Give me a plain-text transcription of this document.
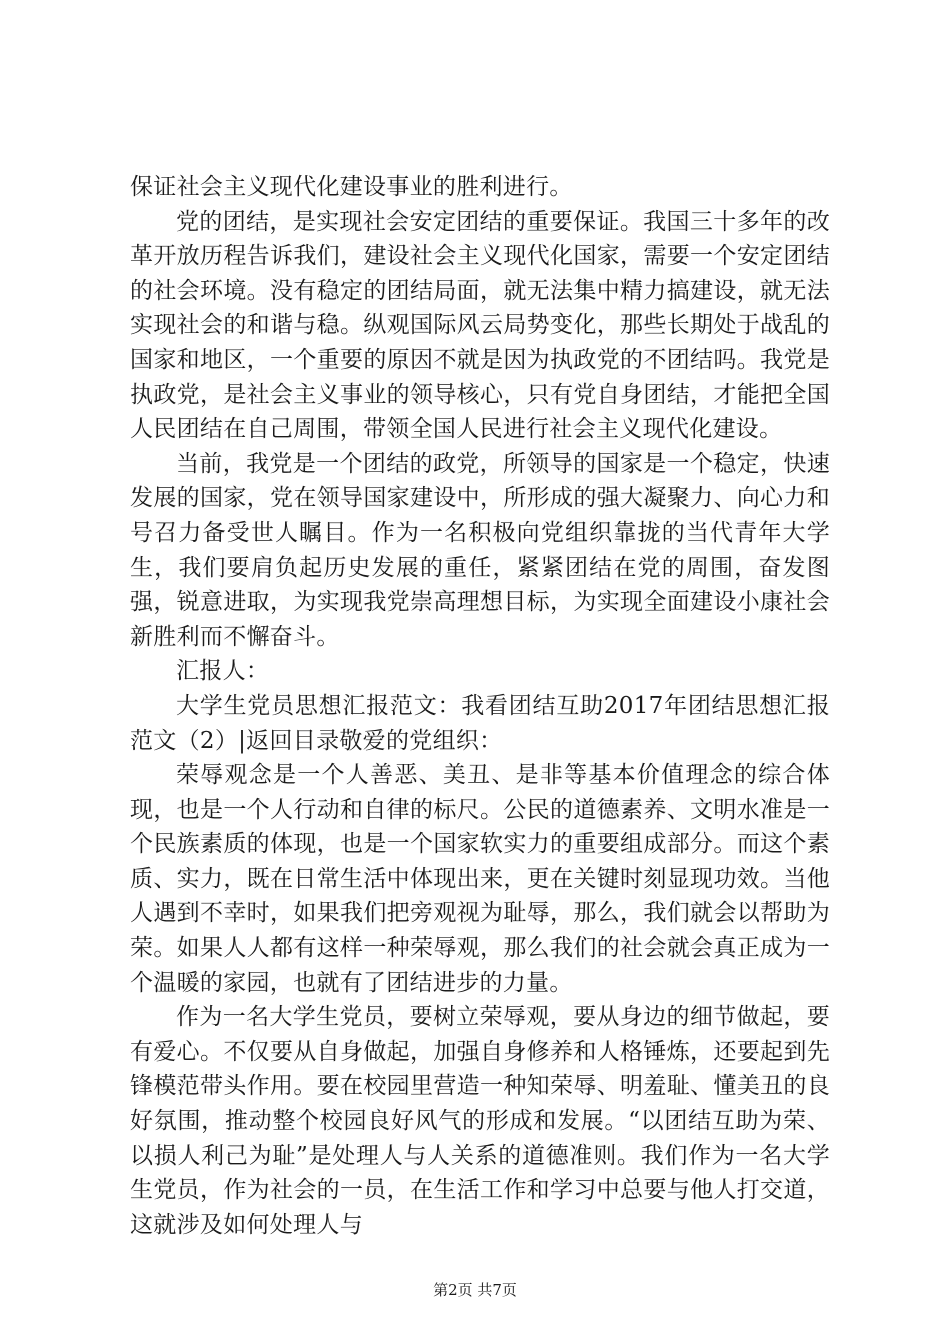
保证社会主义现代化建设事业的胜利进行。

党的团结，是实现社会安定团结的重要保证。我国三十多年的改革开放历程告诉我们，建设社会主义现代化国家，需要一个安定团结的社会环境。没有稳定的团结局面，就无法集中精力搞建设，就无法实现社会的和谐与稳。纵观国际风云局势变化，那些长期处于战乱的国家和地区，一个重要的原因不就是因为执政党的不团结吗。我党是执政党，是社会主义事业的领导核心，只有党自身团结，才能把全国人民团结在自己周围，带领全国人民进行社会主义现代化建设。

当前，我党是一个团结的政党，所领导的国家是一个稳定，快速发展的国家，党在领导国家建设中，所形成的强大凝聚力、向心力和号召力备受世人瞩目。作为一名积极向党组织靠拢的当代青年大学生，我们要肩负起历史发展的重任，紧紧团结在党的周围，奋发图强，锐意进取，为实现我党崇高理想目标，为实现全面建设小康社会新胜利而不懈奋斗。

汇报人：

大学生党员思想汇报范文：我看团结互助2017年团结思想汇报范文（2）|返回目录敬爱的党组织：

荣辱观念是一个人善恶、美丑、是非等基本价值理念的综合体现，也是一个人行动和自律的标尺。公民的道德素养、文明水准是一个民族素质的体现，也是一个国家软实力的重要组成部分。而这个素质、实力，既在日常生活中体现出来，更在关键时刻显现功效。当他人遇到不幸时，如果我们把旁观视为耻辱，那么，我们就会以帮助为荣。如果人人都有这样一种荣辱观，那么我们的社会就会真正成为一个温暖的家园，也就有了团结进步的力量。

作为一名大学生党员，要树立荣辱观，要从身边的细节做起，要有爱心。不仅要从自身做起，加强自身修养和人格锤炼，还要起到先锋模范带头作用。要在校园里营造一种知荣辱、明羞耻、懂美丑的良好氛围，推动整个校园良好风气的形成和发展。“以团结互助为荣、以损人利己为耻”是处理人与人关系的道德准则。我们作为一名大学生党员，作为社会的一员，在生活工作和学习中总要与他人打交道，这就涉及如何处理人与

第2页 共7页
